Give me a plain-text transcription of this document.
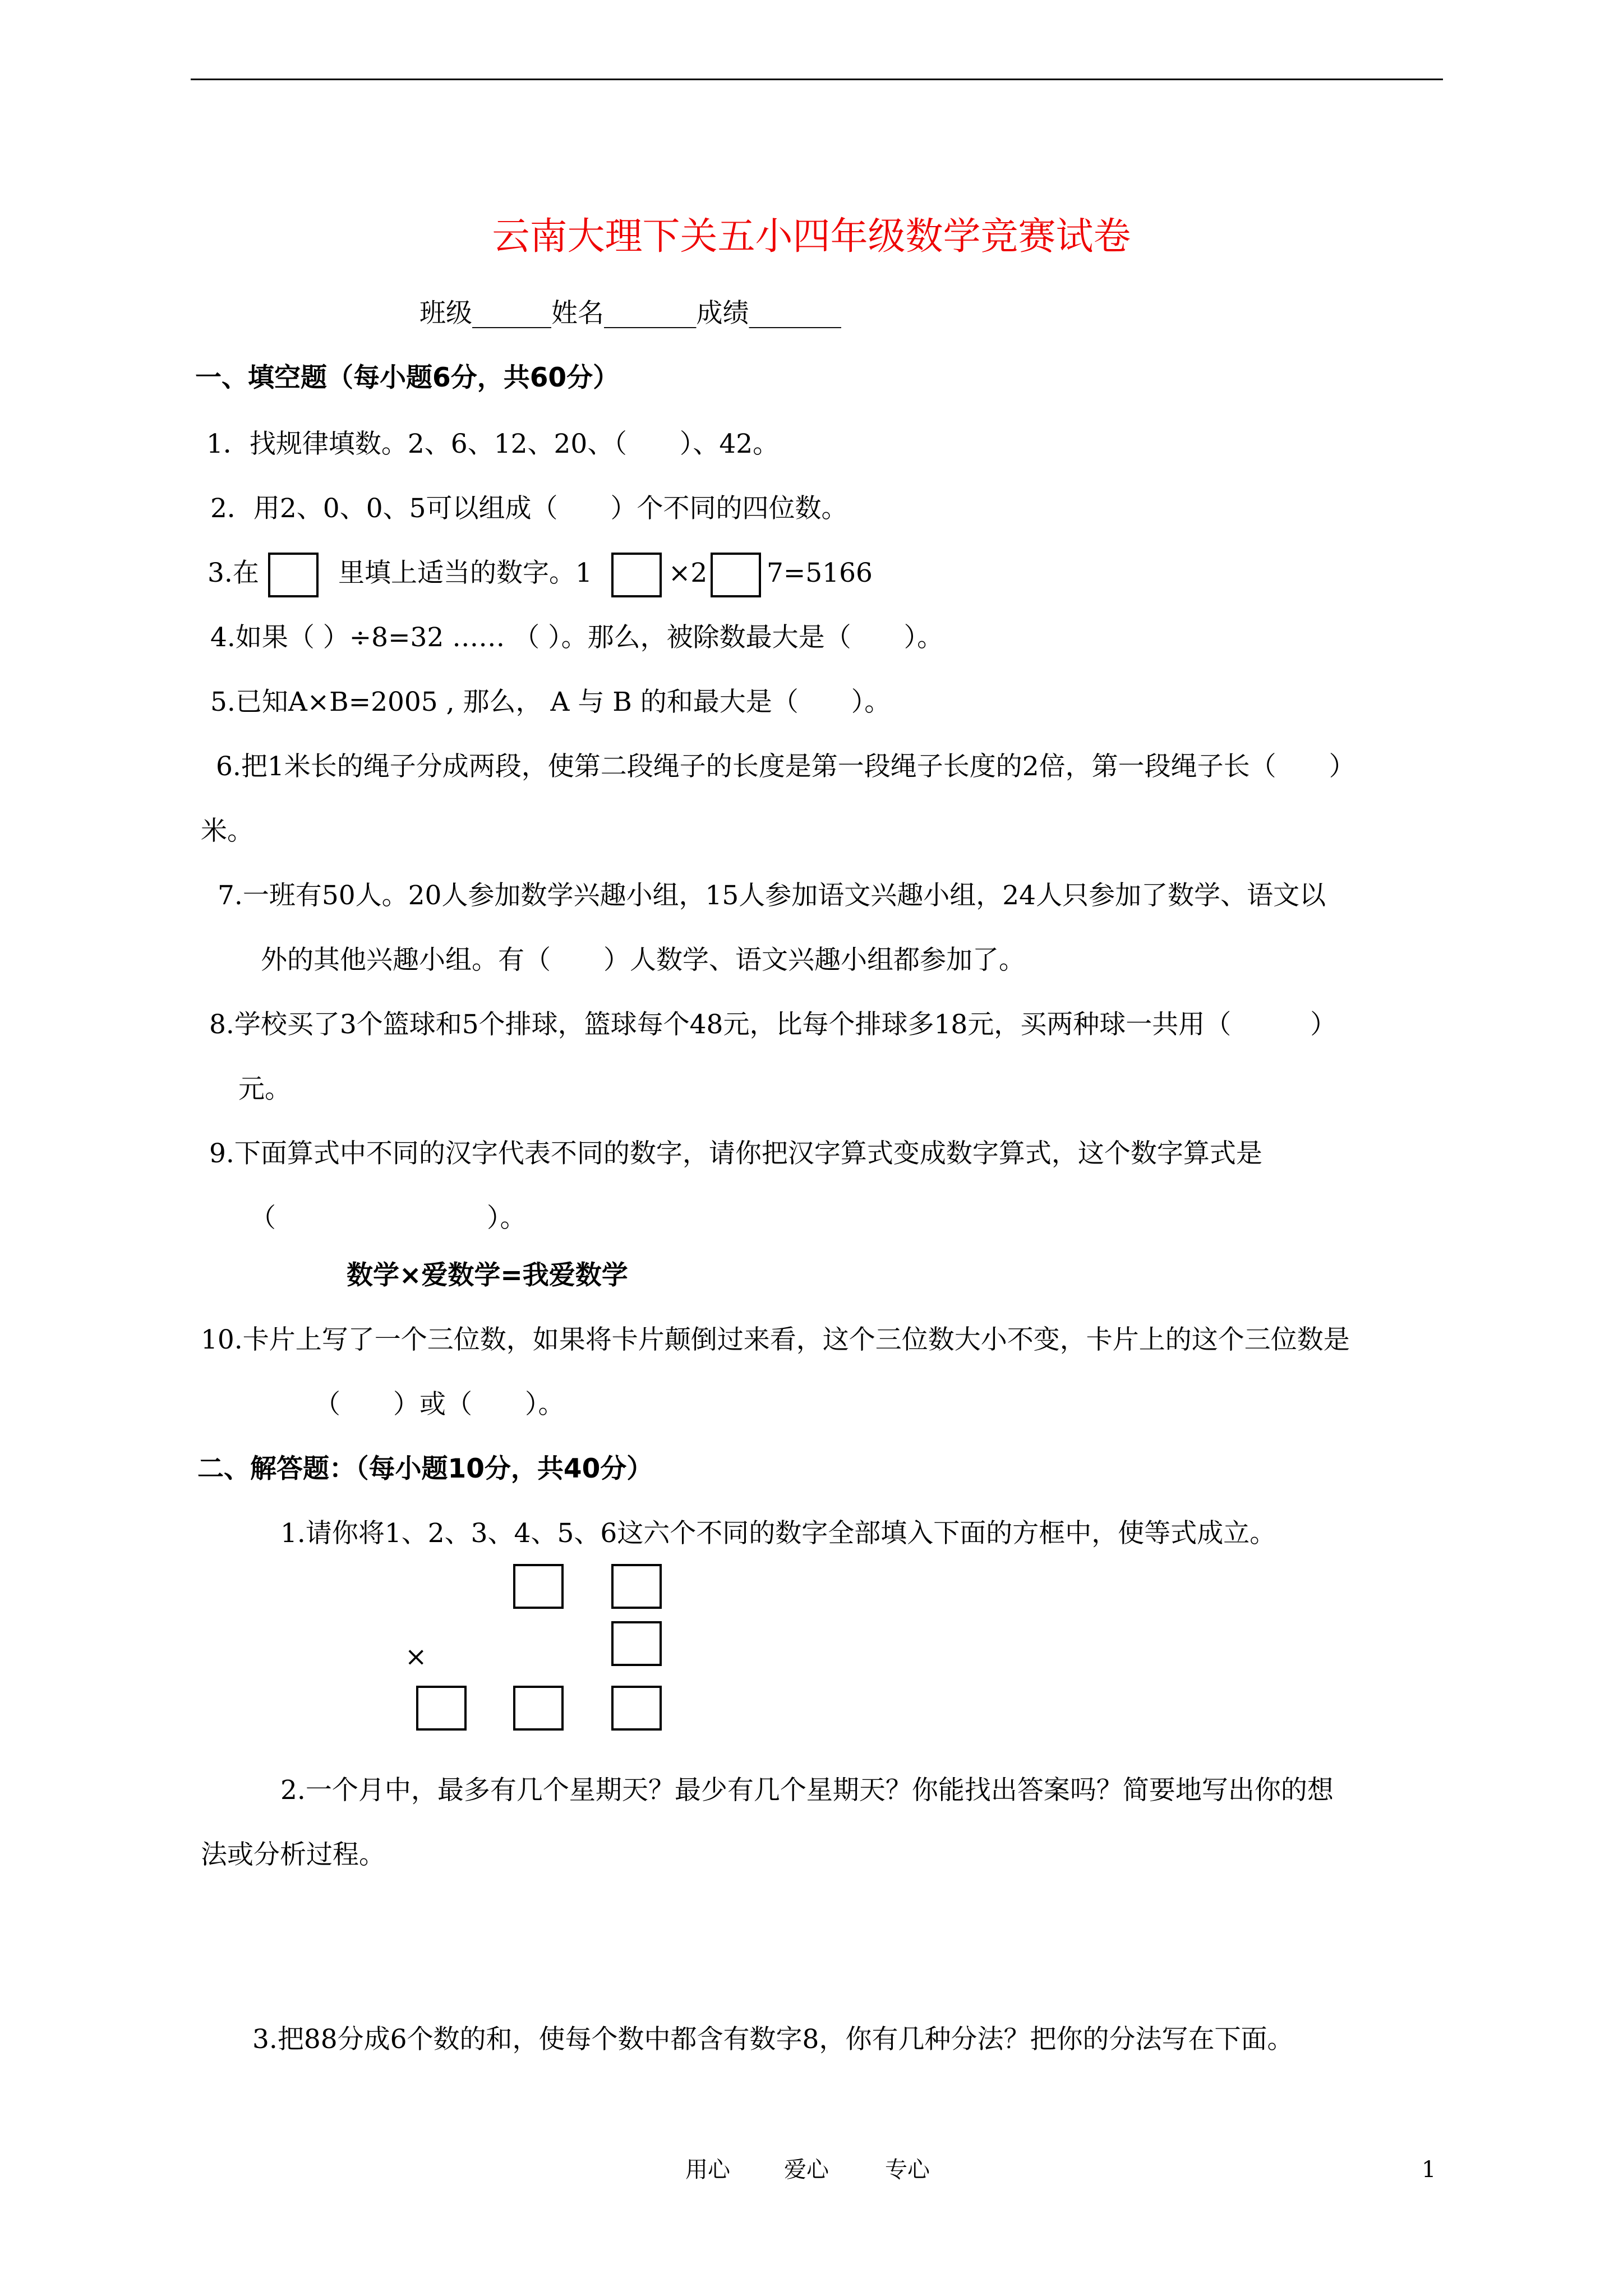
云南大理下关五小四年级数学竞赛试卷
班级______姓名_______成绩_______
一、填空题（每小题6分，共60分）
1．找规律填数。2、6、12、20、（　　）、42。
2．用2、0、0、5可以组成（　　）个不同的四位数。
3.在	里填上适当的数字。1	×2 7=5166
4.如果（ ）÷8=32 …… （ ）。那么，被除数最大是（　　）。
5.已知A×B=2005 , 那么， A 与 B 的和最大是（　　）。
6.把1米长的绳子分成两段，使第二段绳子的长度是第一段绳子长度的2倍，第一段绳子长（　　）
米。
7.一班有50人。20人参加数学兴趣小组，15人参加语文兴趣小组，24人只参加了数学、语文以
外的其他兴趣小组。有（　　）人数学、语文兴趣小组都参加了。
8.学校买了3个篮球和5个排球，篮球每个48元，比每个排球多18元，买两种球一共用（　　　）
元。
9.下面算式中不同的汉字代表不同的数字，请你把汉字算式变成数字算式，这个数字算式是
（　　　　　　　　）。
数学×爱数学=我爱数学
10.卡片上写了一个三位数，如果将卡片颠倒过来看，这个三位数大小不变，卡片上的这个三位数是
（　　）或（　　）。
二、解答题：（每小题10分，共40分）
1.请你将1、2、3、4、5、6这六个不同的数字全部填入下面的方框中，使等式成立。
×
2.一个月中，最多有几个星期天？最少有几个星期天？你能找出答案吗？简要地写出你的想
法或分析过程。
3.把88分成6个数的和，使每个数中都含有数字8，你有几种分法？把你的分法写在下面。
用心 爱心	专心	1
